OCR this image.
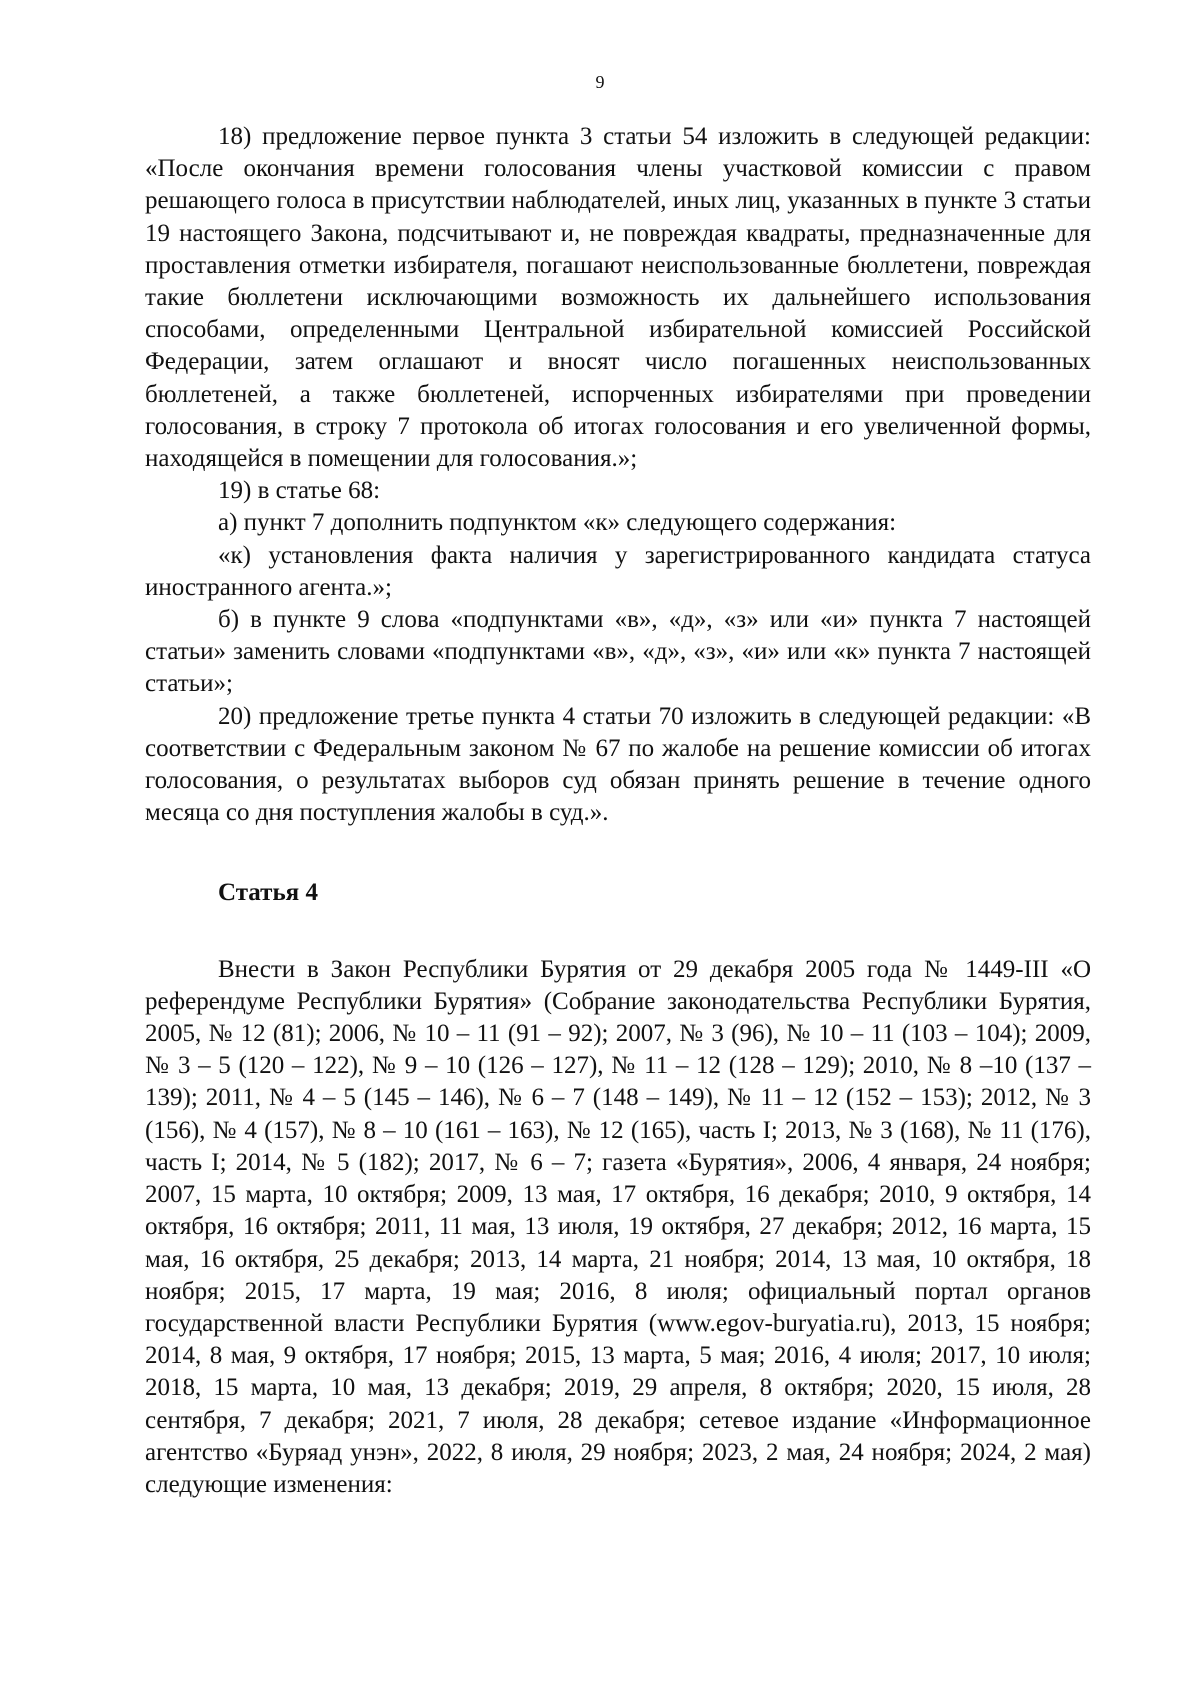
9

18) предложение первое пункта 3 статьи 54 изложить в следующей редакции: «После окончания времени голосования члены участковой комиссии с правом решающего голоса в присутствии наблюдателей, иных лиц, указанных в пункте 3 статьи 19 настоящего Закона, подсчитывают и, не повреждая квадраты, предназначенные для проставления отметки избирателя, погашают неиспользованные бюллетени, повреждая такие бюллетени исключающими возможность их дальнейшего использования способами, определенными Центральной избирательной комиссией Российской Федерации, затем оглашают и вносят число погашенных неиспользованных бюллетеней, а также бюллетеней, испорченных избирателями при проведении голосования, в строку 7 протокола об итогах голосования и его увеличенной формы, находящейся в помещении для голосования.»;

19) в статье 68:

а) пункт 7 дополнить подпунктом «к» следующего содержания:

«к) установления факта наличия у зарегистрированного кандидата статуса иностранного агента.»;

б) в пункте 9 слова «подпунктами «в», «д», «з» или «и» пункта 7 настоящей статьи» заменить словами «подпунктами «в», «д», «з», «и» или «к» пункта 7 настоящей статьи»;

20) предложение третье пункта 4 статьи 70 изложить в следующей редакции: «В соответствии с Федеральным законом № 67 по жалобе на решение комиссии об итогах голосования, о результатах выборов суд обязан принять решение в течение одного месяца со дня поступления жалобы в суд.».

Статья 4

Внести в Закон Республики Бурятия от 29 декабря 2005 года № 1449-III «О референдуме Республики Бурятия» (Собрание законодательства Республики Бурятия, 2005, № 12 (81); 2006, № 10 – 11 (91 – 92); 2007, № 3 (96), № 10 – 11 (103 – 104); 2009, № 3 – 5 (120 – 122), № 9 – 10 (126 – 127), № 11 – 12 (128 – 129); 2010, № 8 –10 (137 – 139); 2011, № 4 – 5 (145 – 146), № 6 – 7 (148 – 149), № 11 – 12 (152 – 153); 2012, № 3 (156), № 4 (157), № 8 – 10 (161 – 163), № 12 (165), часть I; 2013, № 3 (168), № 11 (176), часть I; 2014, № 5 (182); 2017, № 6 – 7; газета «Бурятия», 2006, 4 января, 24 ноября; 2007, 15 марта, 10 октября; 2009, 13 мая, 17 октября, 16 декабря; 2010, 9 октября, 14 октября, 16 октября; 2011, 11 мая, 13 июля, 19 октября, 27 декабря; 2012, 16 марта, 15 мая, 16 октября, 25 декабря; 2013, 14 марта, 21 ноября; 2014, 13 мая, 10 октября, 18 ноября; 2015, 17 марта, 19 мая; 2016, 8 июля; официальный портал органов государственной власти Республики Бурятия (www.egov-buryatia.ru), 2013, 15 ноября; 2014, 8 мая, 9 октября, 17 ноября; 2015, 13 марта, 5 мая; 2016, 4 июля; 2017, 10 июля; 2018, 15 марта, 10 мая, 13 декабря; 2019, 29 апреля, 8 октября; 2020, 15 июля, 28 сентября, 7 декабря; 2021, 7 июля, 28 декабря; сетевое издание «Информационное агентство «Буряад унэн», 2022, 8 июля, 29 ноября; 2023, 2 мая, 24 ноября; 2024, 2 мая) следующие изменения:
